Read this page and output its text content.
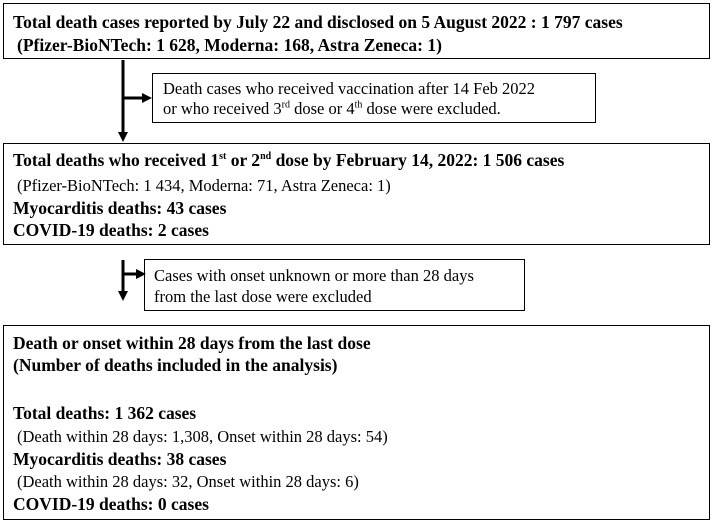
Total death cases reported by July 22 and disclosed on 5 August 2022 : 1 797 cases
(Pfizer-BioNTech: 1 628, Moderna: 168, Astra Zeneca: 1)
Death cases who received vaccination after 14 Feb 2022
or who received 3rd dose or 4th dose were excluded.
Total deaths who received 1st or 2nd dose by February 14, 2022: 1 506 cases
(Pfizer-BioNTech: 1 434, Moderna: 71, Astra Zeneca: 1)
Myocarditis deaths: 43 cases
COVID-19 deaths: 2 cases
Cases with onset unknown or more than 28 days
from the last dose were excluded
Death or onset within 28 days from the last dose
(Number of deaths included in the analysis)
Total deaths: 1 362 cases
(Death within 28 days: 1,308, Onset within 28 days: 54)
Myocarditis deaths: 38 cases
(Death within 28 days: 32, Onset within 28 days: 6)
COVID-19 deaths: 0 cases
